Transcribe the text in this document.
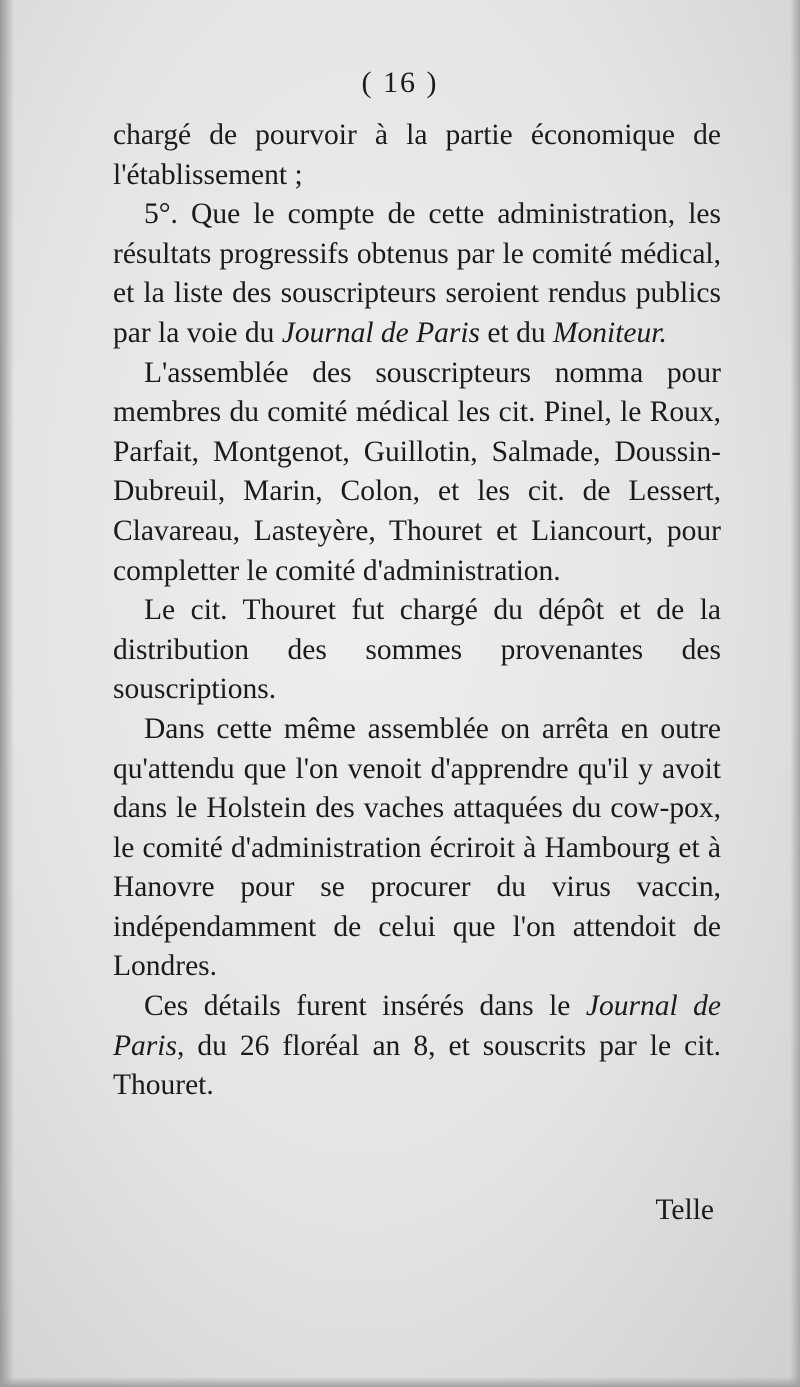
( 16 )

chargé de pourvoir à la partie économique de l'établissement ;

5°. Que le compte de cette administration, les résultats progressifs obtenus par le comité médical, et la liste des souscripteurs seroient rendus publics par la voie du Journal de Paris et du Moniteur.

L'assemblée des souscripteurs nomma pour membres du comité médical les cit. Pinel, le Roux, Parfait, Montgenot, Guillotin, Salmade, Doussin-Dubreuil, Marin, Colon, et les cit. de Lessert, Clavareau, Lasteyère, Thouret et Liancourt, pour completter le comité d'administration.

Le cit. Thouret fut chargé du dépôt et de la distribution des sommes provenantes des souscriptions.

Dans cette même assemblée on arrêta en outre qu'attendu que l'on venoit d'apprendre qu'il y avoit dans le Holstein des vaches attaquées du cow-pox, le comité d'administration écriroit à Hambourg et à Hanovre pour se procurer du virus vaccin, indépendamment de celui que l'on attendoit de Londres.

Ces détails furent insérés dans le Journal de Paris, du 26 floréal an 8, et souscrits par le cit. Thouret.

Telle
